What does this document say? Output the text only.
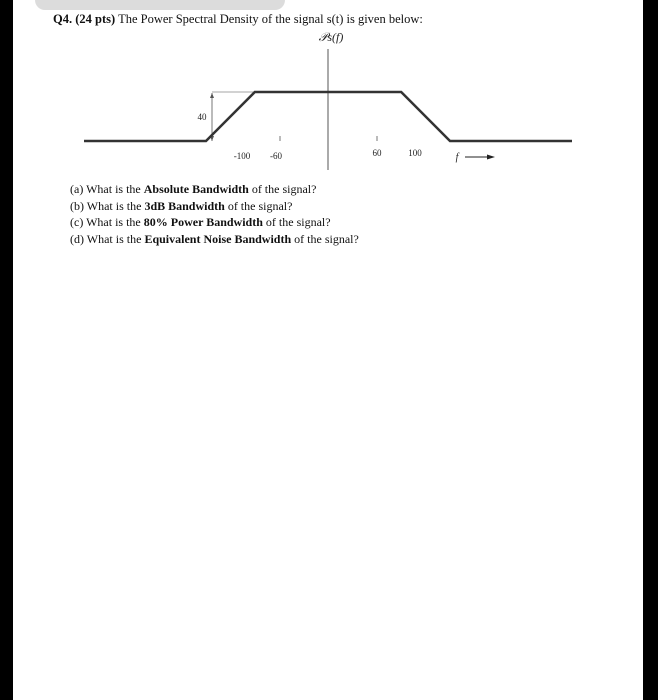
Q4. (24 pts) The Power Spectral Density of the signal s(t) is given below:
𝒫s(f)
40
-100 -60	60	100	f
(a) What is the Absolute Bandwidth of the signal?
(b) What is the 3dB Bandwidth of the signal?
(c) What is the 80% Power Bandwidth of the signal?
(d) What is the Equivalent Noise Bandwidth of the signal?
